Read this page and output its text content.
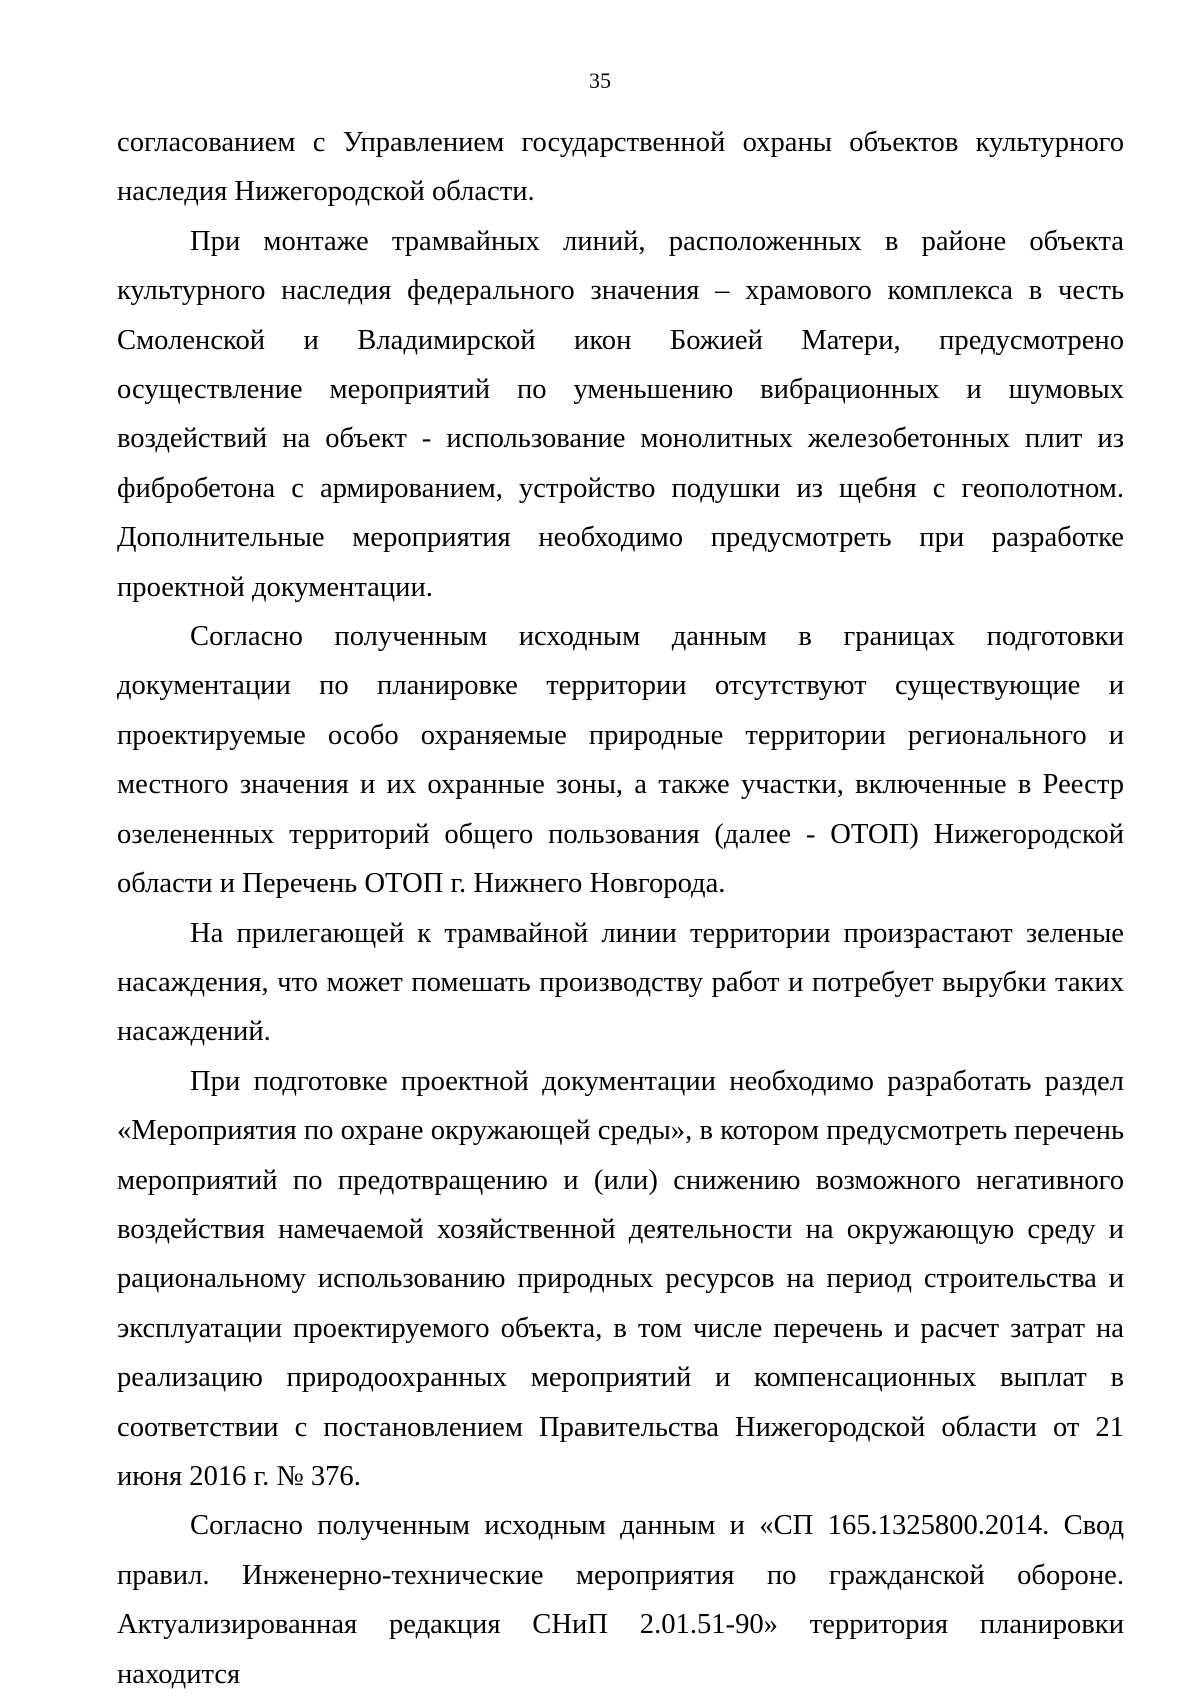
35

согласованием с Управлением государственной охраны объектов культурного наследия Нижегородской области.

При монтаже трамвайных линий, расположенных в районе объекта культурного наследия федерального значения – храмового комплекса в честь Смоленской и Владимирской икон Божией Матери, предусмотрено осуществление мероприятий по уменьшению вибрационных и шумовых воздействий на объект - использование монолитных железобетонных плит из фибробетона с армированием, устройство подушки из щебня с геополотном. Дополнительные мероприятия необходимо предусмотреть при разработке проектной документации.

Согласно полученным исходным данным в границах подготовки документации по планировке территории отсутствуют существующие и проектируемые особо охраняемые природные территории регионального и местного значения и их охранные зоны, а также участки, включенные в Реестр озелененных территорий общего пользования (далее - ОТОП) Нижегородской области и Перечень ОТОП г. Нижнего Новгорода.

На прилегающей к трамвайной линии территории произрастают зеленые насаждения, что может помешать производству работ и потребует вырубки таких насаждений.

При подготовке проектной документации необходимо разработать раздел «Мероприятия по охране окружающей среды», в котором предусмотреть перечень мероприятий по предотвращению и (или) снижению возможного негативного воздействия намечаемой хозяйственной деятельности на окружающую среду и рациональному использованию природных ресурсов на период строительства и эксплуатации проектируемого объекта, в том числе перечень и расчет затрат на реализацию природоохранных мероприятий и компенсационных выплат в соответствии с постановлением Правительства Нижегородской области от 21 июня 2016 г. № 376.

Согласно полученным исходным данным и «СП 165.1325800.2014. Свод правил. Инженерно-технические мероприятия по гражданской обороне. Актуализированная редакция СНиП 2.01.51-90» территория планировки находится
